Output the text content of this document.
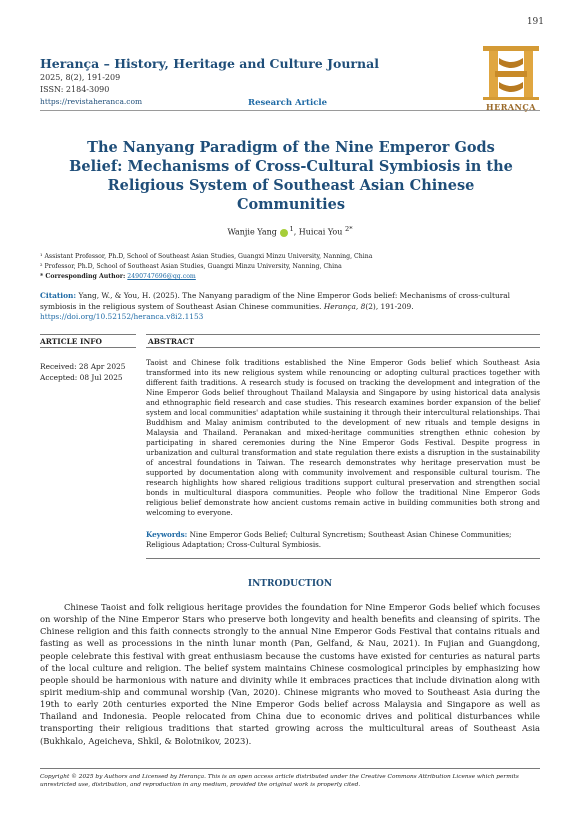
191
Herança – History, Heritage and Culture Journal
2025, 8(2), 191-209
ISSN: 2184-3090
https://revistaheranca.com	Research Article	HERANÇA
The Nanyang Paradigm of the Nine Emperor Gods Belief: Mechanisms of Cross-Cultural Symbiosis in the Religious System of Southeast Asian Chinese Communities
Wanjie Yang $^1$, Huicai You $^{2*}$
¹ Assistant Professor, Ph.D, School of Southeast Asian Studies, Guangxi Minzu University, Nanning, China
² Professor, Ph.D, School of Southeast Asian Studies, Guangxi Minzu University, Nanning, China
* Corresponding Author: 2490747696@qq.com
Citation: Yang, W., & You, H. (2025). The Nanyang paradigm of the Nine Emperor Gods belief: Mechanisms of cross-cultural symbiosis in the religious system of Southeast Asian Chinese communities. Herança, 8(2), 191-209.
https://doi.org/10.52152/heranca.v8i2.1153
ARTICLE INFO	ABSTRACT
Received: 28 Apr 2025
Accepted: 08 Jul 2025

Taoist and Chinese folk traditions established the Nine Emperor Gods belief which Southeast Asia transformed into its new religious system while renouncing or adopting cultural practices together with different faith traditions. A research study is focused on tracking the development and integration of the Nine Emperor Gods belief throughout Thailand Malaysia and Singapore by using historical data analysis and ethnographic field research and case studies. This research examines border expansion of the belief system and local communities' adaptation while sustaining it through their intercultural relationships. Thai Buddhism and Malay animism contributed to the development of new rituals and temple designs in Malaysia and Thailand. Peranakan and mixed-heritage communities strengthen ethnic cohesion by participating in shared ceremonies during the Nine Emperor Gods Festival. Despite progress in urbanization and cultural transformation and state regulation there exists a disruption in the sustainability of ancestral foundations in Taiwan. The research demonstrates why heritage preservation must be supported by documentation along with community involvement and responsible cultural tourism. The research highlights how shared religious traditions support cultural preservation and strengthen social bonds in multicultural diaspora communities. People who follow the traditional Nine Emperor Gods religious belief demonstrate how ancient customs remain active in building communities both strong and welcoming to everyone.

Keywords: Nine Emperor Gods Belief; Cultural Syncretism; Southeast Asian Chinese Communities; Religious Adaptation; Cross-Cultural Symbiosis.

INTRODUCTION

Chinese Taoist and folk religious heritage provides the foundation for Nine Emperor Gods belief which focuses on worship of the Nine Emperor Stars who preserve both longevity and health benefits and cleansing of spirits. The Chinese religion and this faith connects strongly to the annual Nine Emperor Gods Festival that contains rituals and fasting as well as processions in the ninth lunar month (Pan, Gelfand, & Nau, 2021). In Fujian and Guangdong, people celebrate this festival with great enthusiasm because the customs have existed for centuries as natural parts of the local culture and religion. The belief system maintains Chinese cosmological principles by emphasizing how people should be harmonious with nature and divinity while it embraces practices that include divination along with spirit medium-ship and communal worship (Van, 2020). Chinese migrants who moved to Southeast Asia during the 19th to early 20th centuries exported the Nine Emperor Gods belief across Malaysia and Singapore as well as Thailand and Indonesia. People relocated from China due to economic drives and political disturbances while transporting their religious traditions that started growing across the multicultural areas of Southeast Asia (Bukhkalo, Ageicheva, Shkil, & Bolotnikov, 2023).

Copyright © 2025 by Authors and Licensed by Herança. This is an open access article distributed under the Creative Commons Attribution License which permits unrestricted use, distribution, and reproduction in any medium, provided the original work is properly cited.
